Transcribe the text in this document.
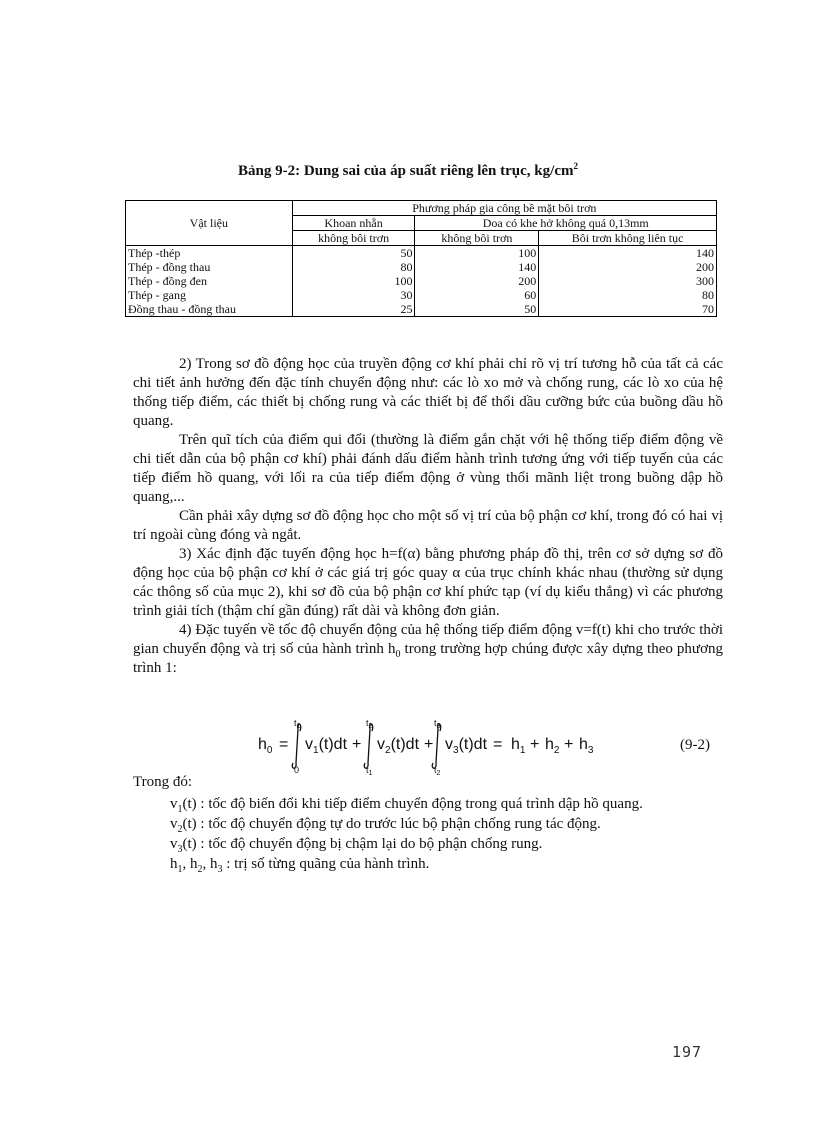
Bảng 9-2: Dung sai của áp suất riêng lên trục, $kg/cm^2$
Vật liệu	Phương pháp gia công bề mặt bôi trơn		
	Khoan nhẵn	Doa có khe hở không quá 0,13mm	
	không bôi trơn	không bôi trơn	Bôi trơn không liên tục
Thép -thép	50	100	140
Thép - đồng thau	80	140	200
Thép - đồng đen	100	200	300
Thép - gang	30	60	80
Đồng thau - đồng thau	25	50	70

2) Trong sơ đồ động học của truyền động cơ khí phải chỉ rõ vị trí tương hỗ của tất cả các chi tiết ảnh hưởng đến đặc tính chuyển động như: các lò xo mở và chống rung, các lò xo của hệ thống tiếp điểm, các thiết bị chống rung và các thiết bị để thổi dầu cưỡng bức của buồng dầu hồ quang.

Trên quĩ tích của điểm qui đổi (thường là điểm gắn chặt với hệ thống tiếp điểm động về chi tiết dẫn của bộ phận cơ khí) phải đánh dấu điểm hành trình tương ứng với tiếp tuyến của các tiếp điểm hồ quang, với lối ra của tiếp điểm động ở vùng thổi mãnh liệt trong buồng dập hồ quang,...

Cần phải xây dựng sơ đồ động học cho một số vị trí của bộ phận cơ khí, trong đó có hai vị trí ngoài cùng đóng và ngắt.

3) Xác định đặc tuyến động học h=f(α) bằng phương pháp đồ thị, trên cơ sở dựng sơ đồ động học của bộ phận cơ khí ở các giá trị góc quay α của trục chính khác nhau (thường sử dụng các thông số của mục 2), khi sơ đồ của bộ phận cơ khí phức tạp (ví dụ kiểu thẳng) vì các phương trình giải tích (thậm chí gần đúng) rất dài và không đơn giản.

4) Đặc tuyến về tốc độ chuyển động của hệ thống tiếp điểm động v=f(t) khi cho trước thời gian chuyển động và trị số của hành trình $h_0$ trong trường hợp chúng được xây dựng theo phương trình 1:

$h_0$ =
$t_1$
0
$v_1(t)dt$ +
$t_2$
$t_1$
$v_2(t)dt$ +
$t_3$
$t_2$
$v_3(t)dt = h_1 + h_2 + h_3$	(9-2)
Trong đó:
$v_1(t)$ : tốc độ biến đổi khi tiếp điểm chuyển động trong quá trình dập hồ quang.
$v_2(t)$ : tốc độ chuyển động tự do trước lúc bộ phận chống rung tác động.
$v_3(t)$ : tốc độ chuyển động bị chậm lại do bộ phận chống rung.
$h_1$, $h_2$, $h_3$ : trị số từng quãng của hành trình.
197
